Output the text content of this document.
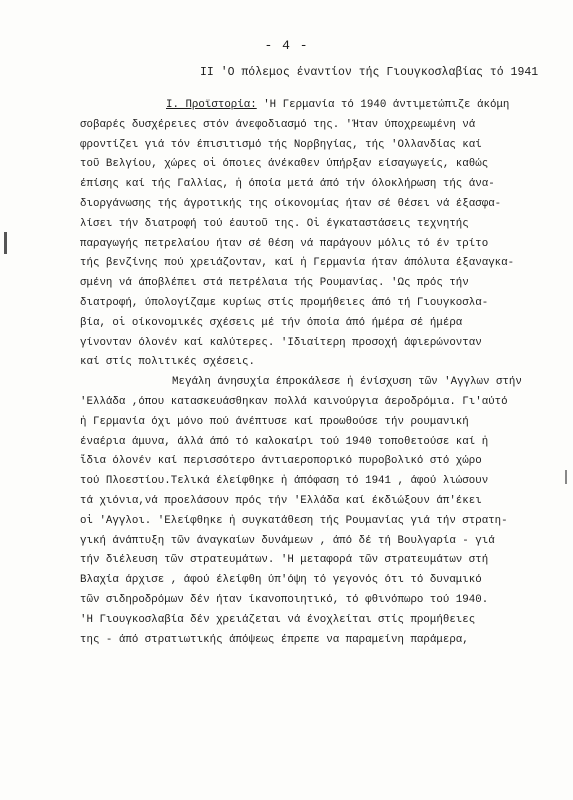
- 4 -
II 'Ο πόλεμος έναντίον τής Γιουγκοσλαβίας τό 1941
Ι. Προϊστορία: 'Η Γερμανία τό 1940 άντιμετώπιζε άκόμη
σοβαρές δυσχέρειες στόν άνεφοδιασμό της. 'Ήταν ύποχρεωμένη νά
φροντίζει γιά τόν έπισιτισμό τής Νορβηγίας, τής 'Ολλανδίας καί
τοῦ Βελγίου, χώρες οἱ όποιες άνέκαθεν ύπήρξαν είσαγωγείς, καθώς
έπίσης καί τής Γαλλίας, ἡ όποία μετά άπό τήν όλοκλήρωση τής άνα-
διοργάνωσης τής άγροτικής της οίκονομίας ήταν σέ θέσει νά έξασφα-
λίσει τήν διατροφή τού έαυτοῦ της. Οἱ έγκαταστάσεις τεχνητής
παραγωγής πετρελαίου ήταν σέ θέση νά παράγουν μόλις τό έν τρίτο
τής βενζίνης πού χρειάζονταν, καί ἡ Γερμανία ήταν άπόλυτα έξαναγκα-
σμένη νά άποβλέπει στά πετρέλαια τής Ρουμανίας. 'Ως πρός τήν
διατροφή, ύπολογίζαμε κυρίως στίς προμήθειες άπό τή Γιουγκοσλα-
βία, οἱ οίκονομικές σχέσεις μέ τήν όποία άπό ήμέρα σέ ήμέρα
γίνονταν όλονέν καί καλύτερες. 'Ιδιαίτερη προσοχή άφιερώνονταν
καί στίς πολιτικές σχέσεις.
Μεγάλη άνησυχία έπροκάλεσε ἡ ένίσχυση τῶν 'Αγγλων στήν
'Ελλάδα ,όπου κατασκευάσθηκαν πολλά καινούργια άεροδρόμια. Γι'αύτό
ἡ Γερμανία όχι μόνο πού άνέπτυσε καί προωθούσε τήν ρουμανική
έναέρια άμυνα, άλλά άπό τό καλοκαίρι τού 1940 τοποθετούσε καί ἡ
ἴδια όλονέν καί περισσότερο άντιαεροπορικό πυροβολικό στό χώρο
τού Πλοεστίου.Τελικά έλείφθηκε ἡ άπόφαση τό 1941 , άφού λιώσουν
τά χιόνια,νά προελάσουν πρός τήν 'Ελλάδα καί έκδιώξουν άπ'έκει
οἱ 'Αγγλοι. 'Ελείφθηκε ἡ συγκατάθεση τής Ρουμανίας γιά τήν στρατη-
γική άνάπτυξη τῶν άναγκαίων δυνάμεων , άπό δέ τή Βουλγαρία - γιά
τήν διέλευση τῶν στρατευμάτων. 'Η μεταφορά τῶν στρατευμάτων στή
Βλαχία άρχισε , άφού έλείφθη ύπ'όψη τό γεγονός ότι τό δυναμικό
τῶν σιδηροδρόμων δέν ήταν ίκανοποιητικό, τό φθινόπωρο τού 1940.
'Η Γιουγκοσλαβία δέν χρειάζεται νά ένοχλείται στίς προμήθειες
της - άπό στρατιωτικής άπόψεως έπρεπε να παραμείνη παράμερα,
